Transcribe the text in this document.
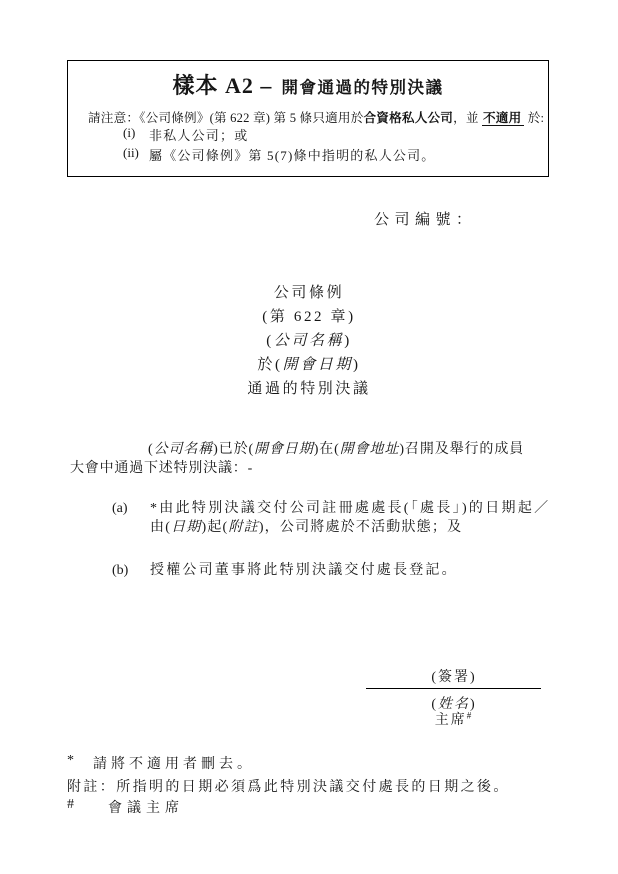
樣本 A2 – 開會通過的特別決議
請注意：《公司條例》(第 622 章) 第 5 條只適用於合資格私人公司，並 不適用 於:
(i) 非私人公司；或
(ii) 屬《公司條例》第 5(7)條中指明的私人公司。
公司編號：
公司條例
(第 622 章)
(公司名稱)
於(開會日期)
通過的特別決議
(公司名稱)已於(開會日期)在(開會地址)召開及舉行的成員
大會中通過下述特別決議：-
(a) *由此特別決議交付公司註冊處處長(「處長」)的日期起／
由(日期)起(附註)，公司將處於不活動狀態；及
(b) 授權公司董事將此特別決議交付處長登記。
(簽署)
(姓名)
主席#
* 請將不適用者刪去。
附註：所指明的日期必須爲此特別決議交付處長的日期之後。
# 會議主席
